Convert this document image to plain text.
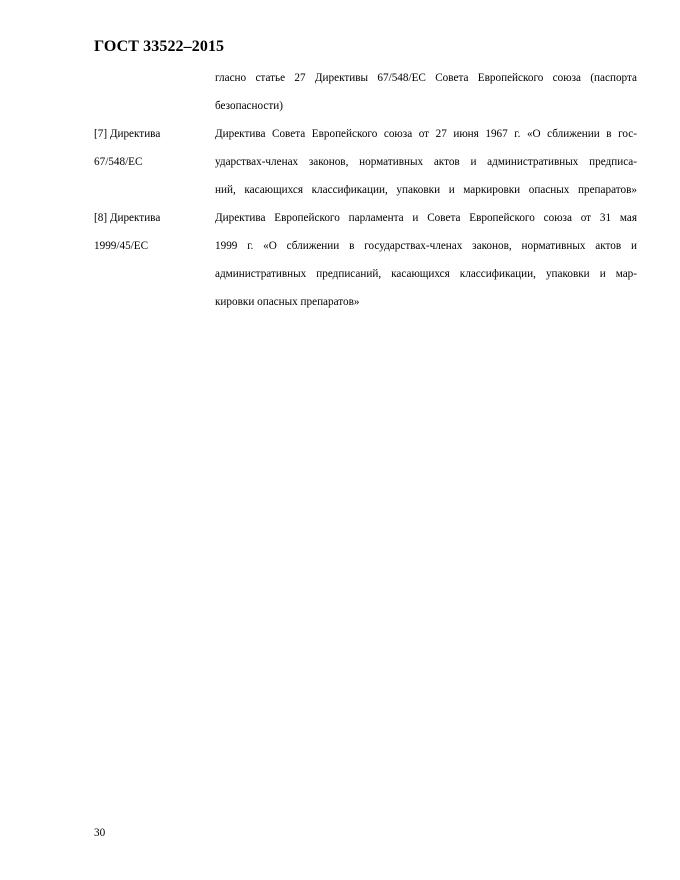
ГОСТ 33522–2015
гласно статье 27 Директивы 67/548/ЕС Совета Европейского союза (паспорта
безопасности)
[7] Директива
67/548/ЕС
Директива Совета Европейского союза от 27 июня 1967 г. «О сближении в гос-
ударствах-членах законов, нормативных актов и административных предписа-
ний, касающихся классификации, упаковки и маркировки опасных препаратов»
[8] Директива
1999/45/ЕС
Директива Европейского парламента и Совета Европейского союза от 31 мая
1999 г. «О сближении в государствах-членах законов, нормативных актов и
административных предписаний, касающихся классификации, упаковки и мар-
кировки опасных препаратов»
30
